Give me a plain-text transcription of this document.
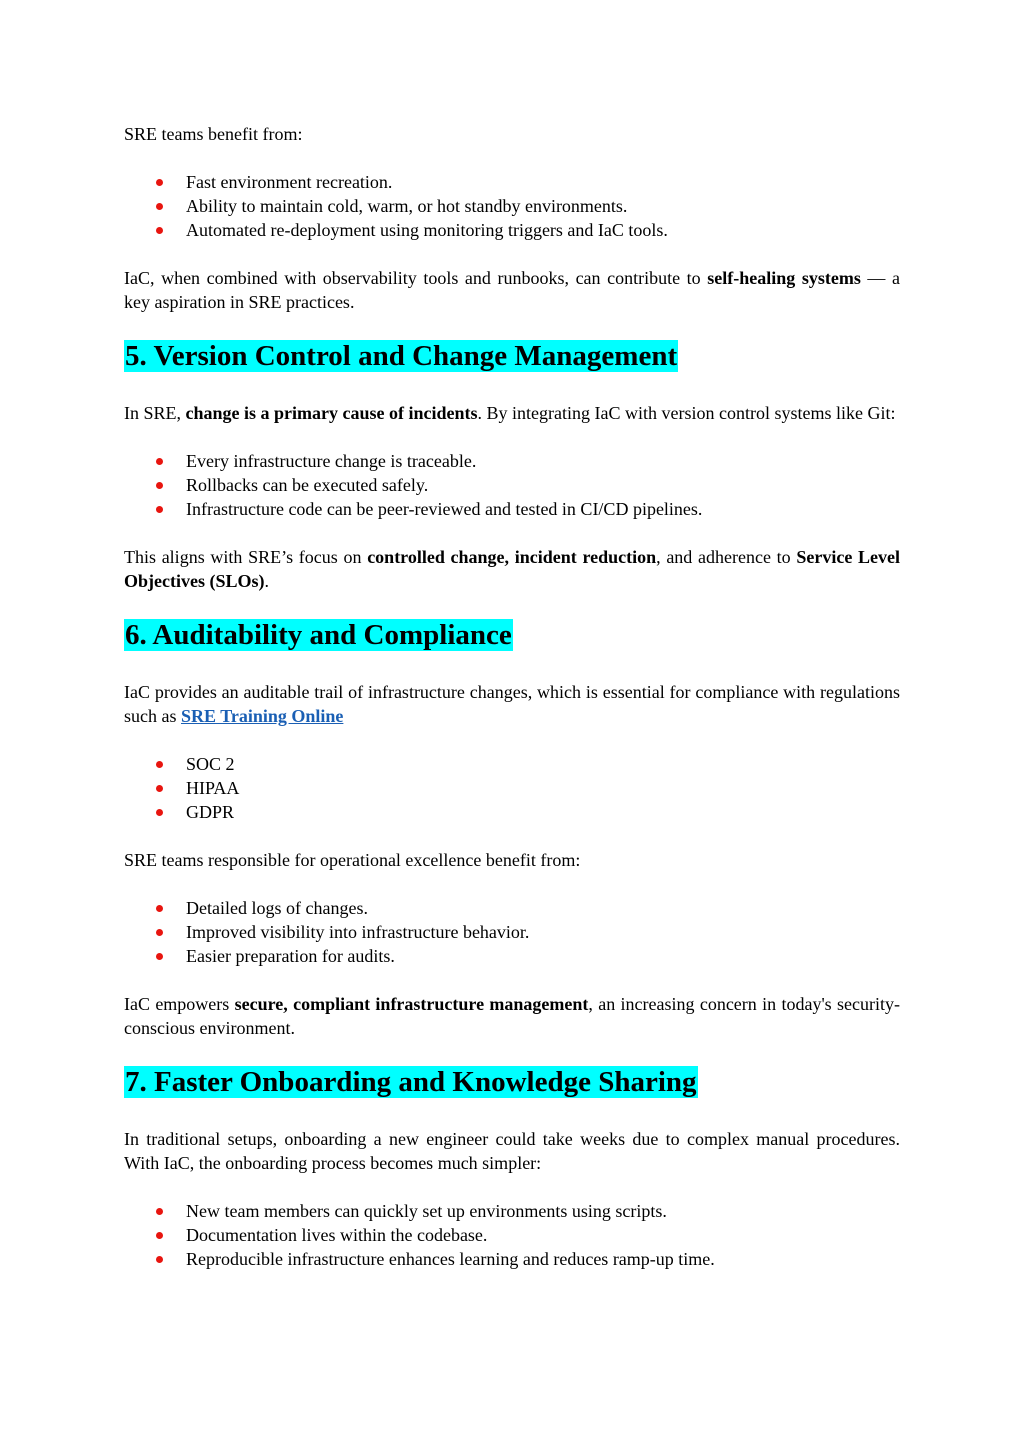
SRE teams benefit from:

Fast environment recreation.
Ability to maintain cold, warm, or hot standby environments.
Automated re-deployment using monitoring triggers and IaC tools.

IaC, when combined with observability tools and runbooks, can contribute to self-healing systems — a key aspiration in SRE practices.

5. Version Control and Change Management

In SRE, change is a primary cause of incidents. By integrating IaC with version control systems like Git:

Every infrastructure change is traceable.
Rollbacks can be executed safely.
Infrastructure code can be peer-reviewed and tested in CI/CD pipelines.

This aligns with SRE’s focus on controlled change, incident reduction, and adherence to Service Level Objectives (SLOs).

6. Auditability and Compliance

IaC provides an auditable trail of infrastructure changes, which is essential for compliance with regulations such as SRE Training Online

SOC 2
HIPAA
GDPR

SRE teams responsible for operational excellence benefit from:

Detailed logs of changes.
Improved visibility into infrastructure behavior.
Easier preparation for audits.

IaC empowers secure, compliant infrastructure management, an increasing concern in today's security-conscious environment.

7. Faster Onboarding and Knowledge Sharing

In traditional setups, onboarding a new engineer could take weeks due to complex manual procedures. With IaC, the onboarding process becomes much simpler:

New team members can quickly set up environments using scripts.
Documentation lives within the codebase.
Reproducible infrastructure enhances learning and reduces ramp-up time.
